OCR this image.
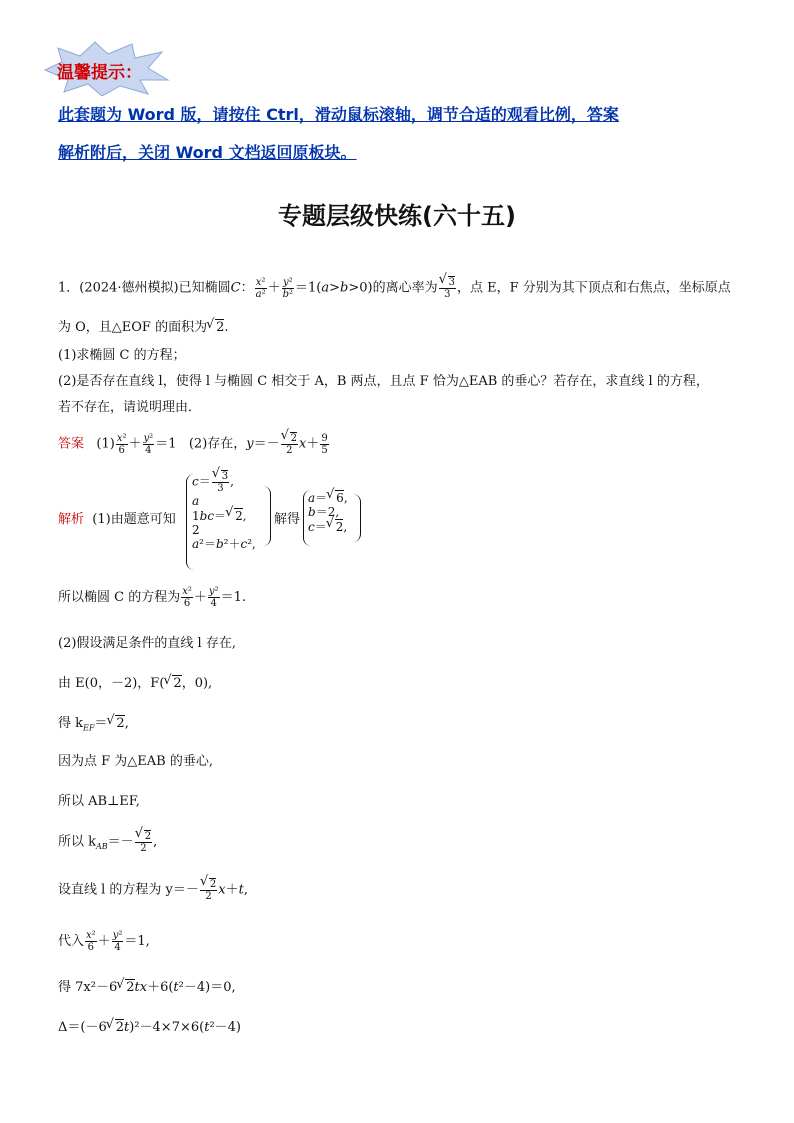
温馨提示：
此套题为 Word 版，请按住 Ctrl，滑动鼠标滚轴，调节合适的观看比例，答案
解析附后，关闭 Word 文档返回原板块。
专题层级快练(六十五)
1．(2024·德州模拟)已知椭圆C： $\frac{\text{x²}}{\text{a²}} + \frac{\text{y²}}{\text{b²}} =1(a>b>0)$的离心率为 √ $\frac{3}{3}$ ，点 E，F 分别为其下顶点和右焦点，坐标原点
为 O，且△EOF 的面积为 √ 2.
(1)求椭圆 C 的方程；
(2)是否存在直线 l，使得 l 与椭圆 C 相交于 A，B 两点，且点 F 恰为△EAB 的垂心？若存在，求直线 l 的方程，
若不存在，请说明理由．
答案 $(1) \frac{\text{x²}}{6} + \frac{\text{y²}}{4} =1$   (2)存在，y＝－ √ $\frac{2}{2} x+ \frac{9}{5}$
解析 (1)由题意可知
c＝ √ $\frac{3}{3}$ ,
a
1bc＝ √ 2,
2
a²＝b²＋c²,
解得
a＝ √ 6,
b＝2,
c＝ √ 2,
所以椭圆 C 的方程为 $\frac{\text{x²}}{6} + \frac{\text{y²}}{4} =1$.
(2)假设满足条件的直线 l 存在,
由 E(0，－2)，F( √ 2，0),
得 $k_{EF}=$ √ 2,
因为点 F 为△EAB 的垂心,
所以 AB⊥EF,
所以 $k_{AB}=-$ √ $\frac{2}{2}$ ,
设直线 l 的方程为 y＝－ √ $\frac{2}{2} x+t$,
代入 $\frac{\text{x²}}{6} + \frac{\text{y²}}{4} =1$,
得 7x²－6 √ 2tx＋6(t²－4)＝0,
Δ＝(－6 √ 2t)²－4×7×6(t²－4)
